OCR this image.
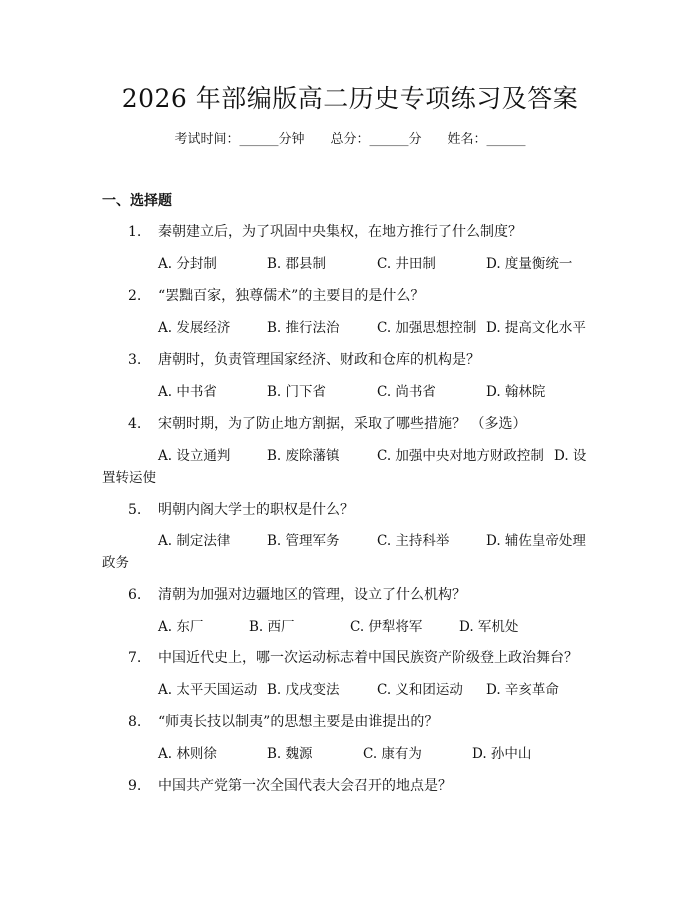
2026 年部编版高二历史专项练习及答案
考试时间：______分钟 总分：______分 姓名：______
一、选择题
1. 秦朝建立后，为了巩固中央集权，在地方推行了什么制度？
A. 分封制	B. 郡县制	C. 井田制	D. 度量衡统一
2. “罢黜百家，独尊儒术”的主要目的是什么？
A. 发展经济	B. 推行法治	C. 加强思想控制 D. 提高文化水平
3. 唐朝时，负责管理国家经济、财政和仓库的机构是？
A. 中书省	B. 门下省	C. 尚书省	D. 翰林院
4. 宋朝时期，为了防止地方割据，采取了哪些措施？ （多选）
A. 设立通判	B. 废除藩镇	C. 加强中央对地方财政控制 D. 设
置转运使
5. 明朝内阁大学士的职权是什么？
A. 制定法律	B. 管理军务	C. 主持科举	D. 辅佐皇帝处理
政务
6. 清朝为加强对边疆地区的管理，设立了什么机构？
A. 东厂	B. 西厂	C. 伊犁将军	D. 军机处
7. 中国近代史上，哪一次运动标志着中国民族资产阶级登上政治舞台？
A. 太平天国运动 B. 戊戌变法	C. 义和团运动 D. 辛亥革命
8. “师夷长技以制夷”的思想主要是由谁提出的？
A. 林则徐	B. 魏源	C. 康有为	D. 孙中山
9. 中国共产党第一次全国代表大会召开的地点是？
